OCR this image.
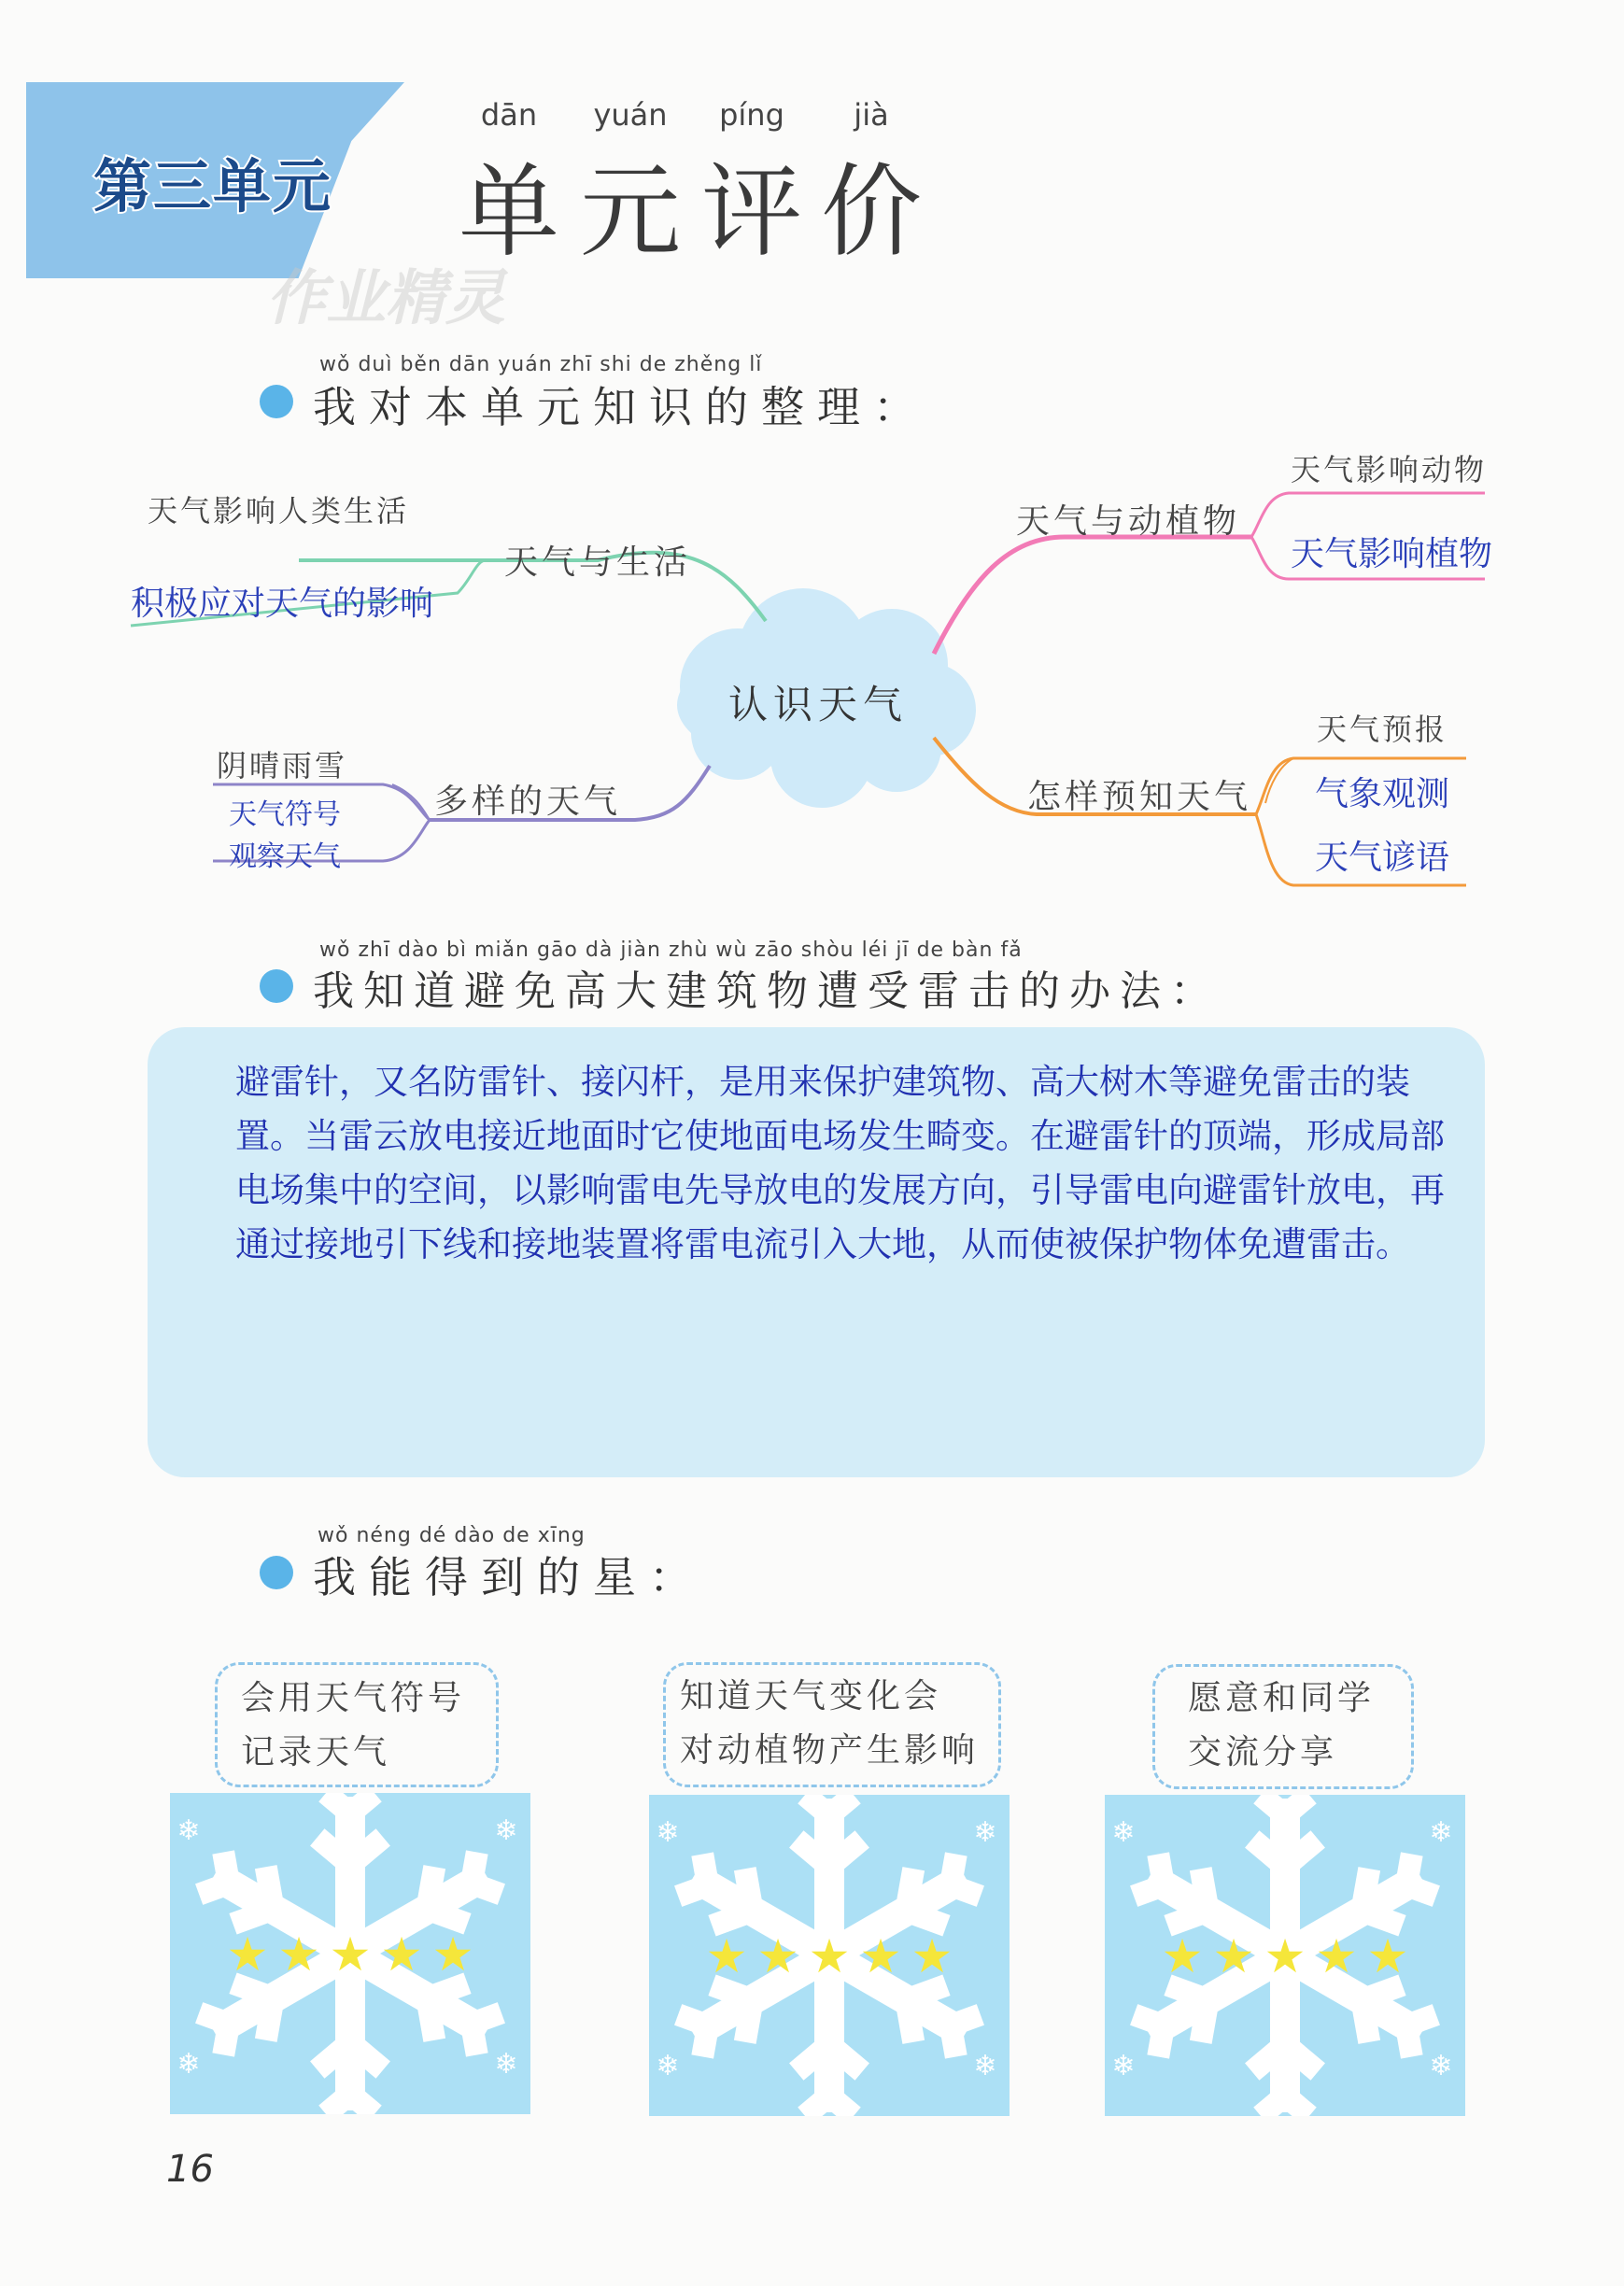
第三单元
作业精灵
dān	yuán	píng	jià
单 元 评 价
wǒ duì běn dān yuán zhī shi de zhěng lǐ
我对本单元知识的整理：
认识天气
天气与生活
天气影响人类生活
积极应对天气的影响
天气与动植物
天气影响动物
天气影响植物
多样的天气
阴晴雨雪
天气符号
观察天气
怎样预知天气
天气预报
气象观测
天气谚语
wǒ zhī dào bì miǎn gāo dà jiàn zhù wù zāo shòu léi jī de bàn fǎ
我知道避免高大建筑物遭受雷击的办法：
避雷针，又名防雷针、接闪杆，是用来保护建筑物、高大树木等避免雷击的装置。当雷云放电接近地面时它使地面电场发生畸变。在避雷针的顶端，形成局部电场集中的空间，以影响雷电先导放电的发展方向，引导雷电向避雷针放电，再通过接地引下线和接地装置将雷电流引入大地，从而使被保护物体免遭雷击。
wǒ néng dé dào de xīng
我能得到的星：
会用天气符号
记录天气
❄	❄
❄	❄
★ ★ ★ ★ ★
知道天气变化会
对动植物产生影响
❄	❄
❄	❄
★ ★ ★ ★ ★
愿意和同学
交流分享
❄	❄
❄	❄
★ ★ ★ ★ ★
16
